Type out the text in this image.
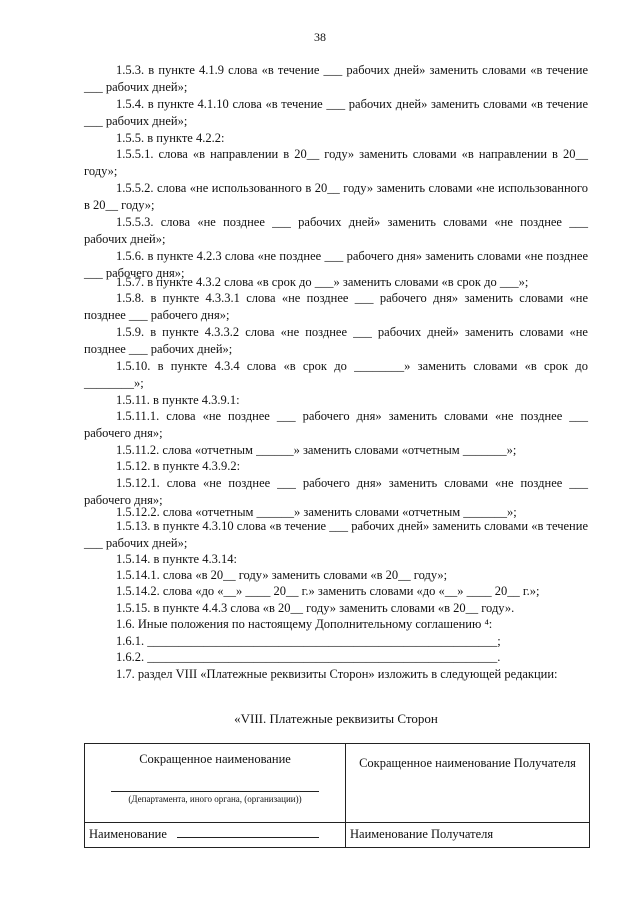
38

1.5.3. в пункте 4.1.9 слова «в течение ___ рабочих дней» заменить словами «в течение ___ рабочих дней»;

1.5.4. в пункте 4.1.10 слова «в течение ___ рабочих дней» заменить словами «в течение ___ рабочих дней»;

1.5.5. в пункте 4.2.2:

1.5.5.1. слова «в направлении в 20__ году» заменить словами «в направлении в 20__ году»;

1.5.5.2. слова «не использованного в 20__ году» заменить словами «не использованного в 20__ году»;

1.5.5.3. слова «не позднее ___ рабочих дней» заменить словами «не позднее ___ рабочих дней»;

1.5.6. в пункте 4.2.3 слова «не позднее ___ рабочего дня» заменить словами «не позднее ___ рабочего дня»;

1.5.7. в пункте 4.3.2 слова «в срок до ___» заменить словами «в срок до ___»;

1.5.8. в пункте 4.3.3.1 слова «не позднее ___ рабочего дня» заменить словами «не позднее ___ рабочего дня»;

1.5.9. в пункте 4.3.3.2 слова «не позднее ___ рабочих дней» заменить словами «не позднее ___ рабочих дней»;

1.5.10. в пункте 4.3.4 слова «в срок до ________» заменить словами «в срок до ________»;

1.5.11. в пункте 4.3.9.1:

1.5.11.1. слова «не позднее ___ рабочего дня» заменить словами «не позднее ___ рабочего дня»;

1.5.11.2. слова «отчетным ______» заменить словами «отчетным _______»;

1.5.12. в пункте 4.3.9.2:

1.5.12.1. слова «не позднее ___ рабочего дня» заменить словами «не позднее ___ рабочего дня»;

1.5.12.2. слова «отчетным ______» заменить словами «отчетным _______»;

1.5.13. в пункте 4.3.10 слова «в течение ___ рабочих дней» заменить словами «в течение ___ рабочих дней»;

1.5.14. в пункте 4.3.14:

1.5.14.1. слова «в 20__ году» заменить словами «в 20__ году»;

1.5.14.2. слова «до «__» ____ 20__ г.» заменить словами «до «__» ____ 20__ г.»;

1.5.15. в пункте 4.4.3 слова «в 20__ году» заменить словами «в 20__ году».

1.6. Иные положения по настоящему Дополнительному соглашению ⁴:

1.6.1. ________________________________________________________;

1.6.2. ________________________________________________________.

1.7. раздел VIII «Платежные реквизиты Сторон» изложить в следующей редакции:

«VIII. Платежные реквизиты Сторон

Сокращенное наименование
(Департамента, иного органа, (организации))	Сокращенное наименование Получателя

Наименование	Наименование Получателя
